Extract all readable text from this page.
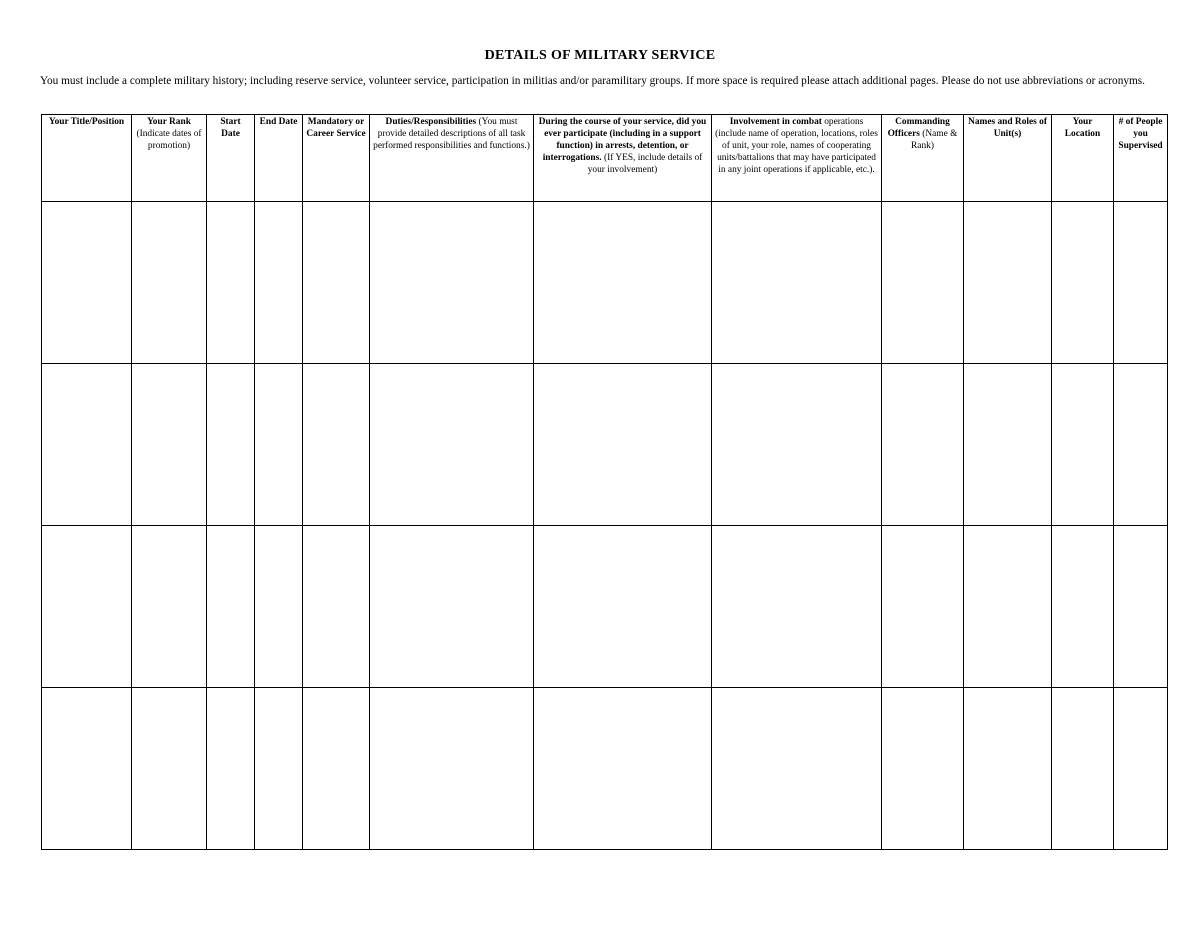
DETAILS OF MILITARY SERVICE
You must include a complete military history; including reserve service, volunteer service, participation in militias and/or paramilitary groups. If more space is required please attach additional pages. Please do not use abbreviations or acronyms.
Your Title/Position	Your Rank (Indicate dates of promotion)	Start Date	End Date	Mandatory or Career Service	Duties/Responsibilities (You must provide detailed descriptions of all task performed responsibilities and functions.)	During the course of your service, did you ever participate (including in a support function) in arrests, detention, or interrogations. (If YES, include details of your involvement)	Involvement in combat operations (include name of operation, locations, roles of unit, your role, names of cooperating units/battalions that may have participated in any joint operations if applicable, etc.).	Commanding Officers (Name & Rank)	Names and Roles of Unit(s)	Your Location	# of People you Supervised
